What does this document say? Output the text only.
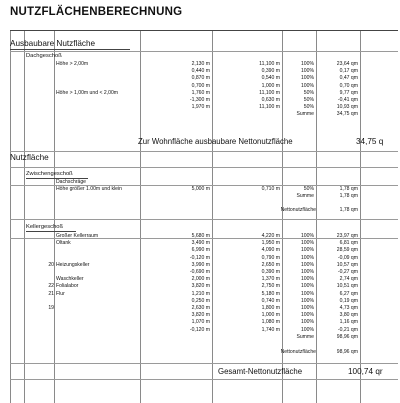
NUTZFLÄCHENBERECHNUNG
Ausbaubare Nutzfläche
Dachgeschoß
Höhe > 2,00m	2,130 m	11,100 m	100%	23,64 qm
0,440 m	0,390 m	100%	0,17 qm
0,870 m	0,540 m	100%	0,47 qm
0,700 m	1,000 m	100%	0,70 qm
Höhe > 1,00m und < 2,00m	1,760 m	11,100 m	50%	9,77 qm
-1,300 m	0,630 m	50%	-0,41 qm
1,970 m	11,100 m	50%	10,93 qm
Summe	34,75 qm
Zur Wohnfläche ausbaubare Nettonutzfläche	34,75 q
Nutzfläche
Zwischengeschoß
Dachschräge
Höhe größer 1.00m und klein	5,000 m	0,710 m	50%	1,78 qm
Summe	1,78 qm
Nettonutzfläche	1,78 qm
Kellergeschoß
Großer Kellerraum	5,680 m	4,220 m	100%	23,97 qm
Öltank	3,490 m	1,950 m	100%	6,81 qm
6,990 m	4,090 m	100%	28,59 qm
-0,120 m	0,790 m	100%	-0,09 qm
20 Heizungskeller	3,990 m	2,650 m	100%	10,57 qm
-0,690 m	0,390 m	100%	-0,27 qm
Waschkeller	2,000 m	1,370 m	100%	2,74 qm
22 Folialabor	3,820 m	2,750 m	100%	10,51 qm
21 Flur	1,210 m	5,180 m	100%	6,27 qm
0,250 m	0,740 m	100%	0,19 qm
19	2,630 m	1,800 m	100%	4,73 qm
3,820 m	1,000 m	100%	3,80 qm
1,070 m	1,080 m	100%	1,16 qm
-0,120 m	1,740 m	100%	-0,21 qm
Summe	98,96 qm
Nettonutzfläche	98,96 qm
Gesamt-Nettonutzfläche	100,74 qr
